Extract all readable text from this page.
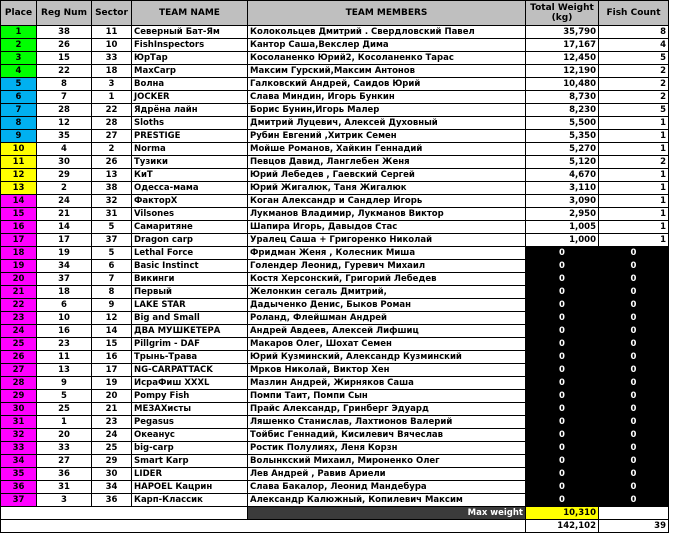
Place	Reg Num	Sector	TEAM NAME	TEAM MEMBERS	Total Weight (kg)	Fish Count
1	38	11	Северный Бат-Ям	Колокольцев Дмитрий . Свердловский Павел	35,790	8
2	26	10	FishInspectors	Кантор Саша,Векслер Дима	17,167	4
3	15	33	ЮрТар	Косоланенко Юрий2, Косоланенко Тарас	12,450	5
4	22	18	MaxCarp	Максим Гурский,Максим Антонов	12,190	2
5	8	3	Волна	Галковский Андрей, Саидов Юрий	10,480	2
6	7	1	JOCKER	Слава Миндин, Игорь Бункин	8,730	2
7	28	22	Ядрёна лайн	Борис Бунин,Игорь Малер	8,230	5
8	12	28	Sloths	Дмитрий Луцевич, Алексей Духовный	5,500	1
9	35	27	PRESTIGE	Рубин Евгений ,Хитрик Семен	5,350	1
10	4	2	Norma	Мойше Романов, Хайкин Геннадий	5,270	1
11	30	26	Тузики	Певцов Давид, Ланглебен Женя	5,120	2
12	29	13	КиТ	Юрий Лебедев , Гаевский Сергей	4,670	1
13	2	38	Одесса-мама	Юрий Жигалюк, Таня Жигалюк	3,110	1
14	24	32	ФакторX	Коган Александр и Сандлер Игорь	3,090	1
15	21	31	Vilsones	Лукманов Владимир, Лукманов Виктор	2,950	1
16	14	5	Самаритяне	Шапира Игорь, Давыдов Стас	1,005	1
17	17	37	Dragon carp	Уралец Саша + Григоренко Николай	1,000	1
18	19	5	Lethal Force	Фридман Женя , Колесник Миша	0	0
19	34	6	Basic Instinct	Голендер Леонид, Гуревич Михаил	0	0
20	37	7	Викинги	Костя Херсонский, Григорий Лебедев	0	0
21	18	8	Первый	Желонкин сегаль Дмитрий,	0	0
22	6	9	LAKE STAR	Дадыченко Денис, Быков Роман	0	0
23	10	12	Big and Small	Роланд, Флейшман Андрей	0	0
24	16	14	ДВА МУШКЕТЕРА	Андрей Авдеев, Алексей Лифшиц	0	0
25	23	15	Pillgrim - DAF	Макаров Олег, Шохат Семен	0	0
26	11	16	Трынь-Трава	Юрий Кузминский, Александр Кузминский	0	0
27	13	17	NG-CARPATTACK	Мрков Николай, Виктор Хен	0	0
28	9	19	ИсраФиш XXXL	Мазлин Андрей, Жирняков Саша	0	0
29	5	20	Pompy Fish	Помпи Таит, Помпи Сын	0	0
30	25	21	МЕЗАХисты	Прайс Александр, Гринберг Эдуард	0	0
31	1	23	Pegasus	Ляшенко Станислав, Лахтионов Валерий	0	0
32	20	24	Океанус	Тойбис Геннадий, Кисилевич Вячеслав	0	0
33	33	25	big-carp	Ростик Полулиях, Леня Корзн	0	0
34	27	29	Smart Karp	Волынкский Михаил, Мироненко Олег	0	0
35	36	30	LIDER	Лев Андрей , Равив Ариели	0	0
36	31	34	HAPOEL Кацрин	Слава Бакалор, Леонид Мандебура	0	0
37	3	36	Карп-Классик	Александр Калюжный, Копилевич Максим	0	0
				Max weight	10,310	
					142,102	39
